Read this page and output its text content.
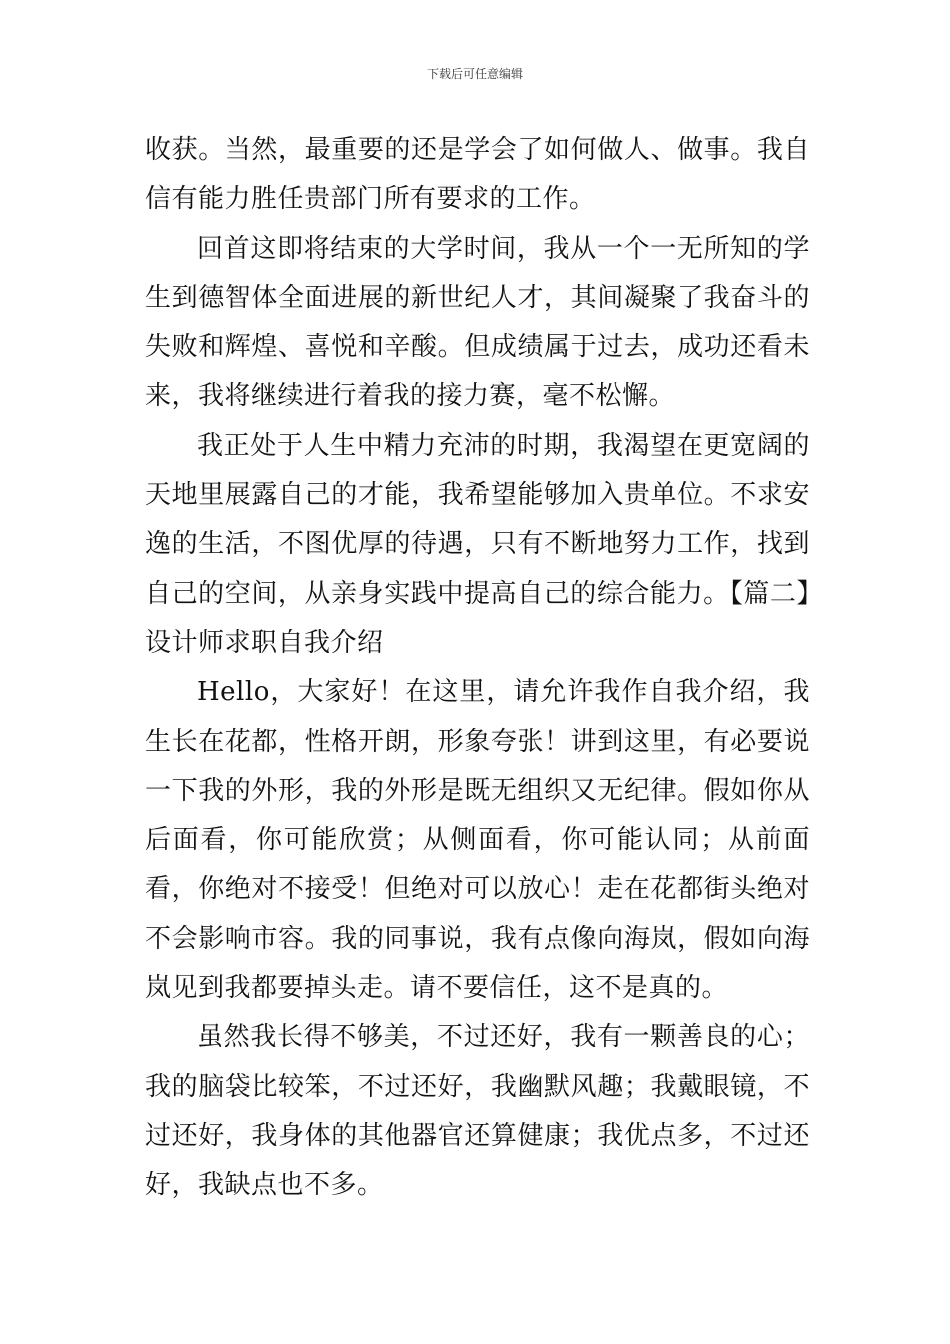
下载后可任意编辑

收获。当然，最重要的还是学会了如何做人、做事。我自信有能力胜任贵部门所有要求的工作。

回首这即将结束的大学时间，我从一个一无所知的学生到德智体全面进展的新世纪人才，其间凝聚了我奋斗的失败和辉煌、喜悦和辛酸。但成绩属于过去，成功还看未来，我将继续进行着我的接力赛，毫不松懈。

我正处于人生中精力充沛的时期，我渴望在更宽阔的天地里展露自己的才能，我希望能够加入贵单位。不求安逸的生活，不图优厚的待遇，只有不断地努力工作，找到自己的空间，从亲身实践中提高自己的综合能力。【篇二】设计师求职自我介绍

Hello，大家好！在这里，请允许我作自我介绍，我生长在花都，性格开朗，形象夸张！讲到这里，有必要说一下我的外形，我的外形是既无组织又无纪律。假如你从后面看，你可能欣赏；从侧面看，你可能认同；从前面看，你绝对不接受！但绝对可以放心！走在花都街头绝对不会影响市容。我的同事说，我有点像向海岚，假如向海岚见到我都要掉头走。请不要信任，这不是真的。

虽然我长得不够美，不过还好，我有一颗善良的心；我的脑袋比较笨，不过还好，我幽默风趣；我戴眼镜，不过还好，我身体的其他器官还算健康；我优点多，不过还好，我缺点也不多。
